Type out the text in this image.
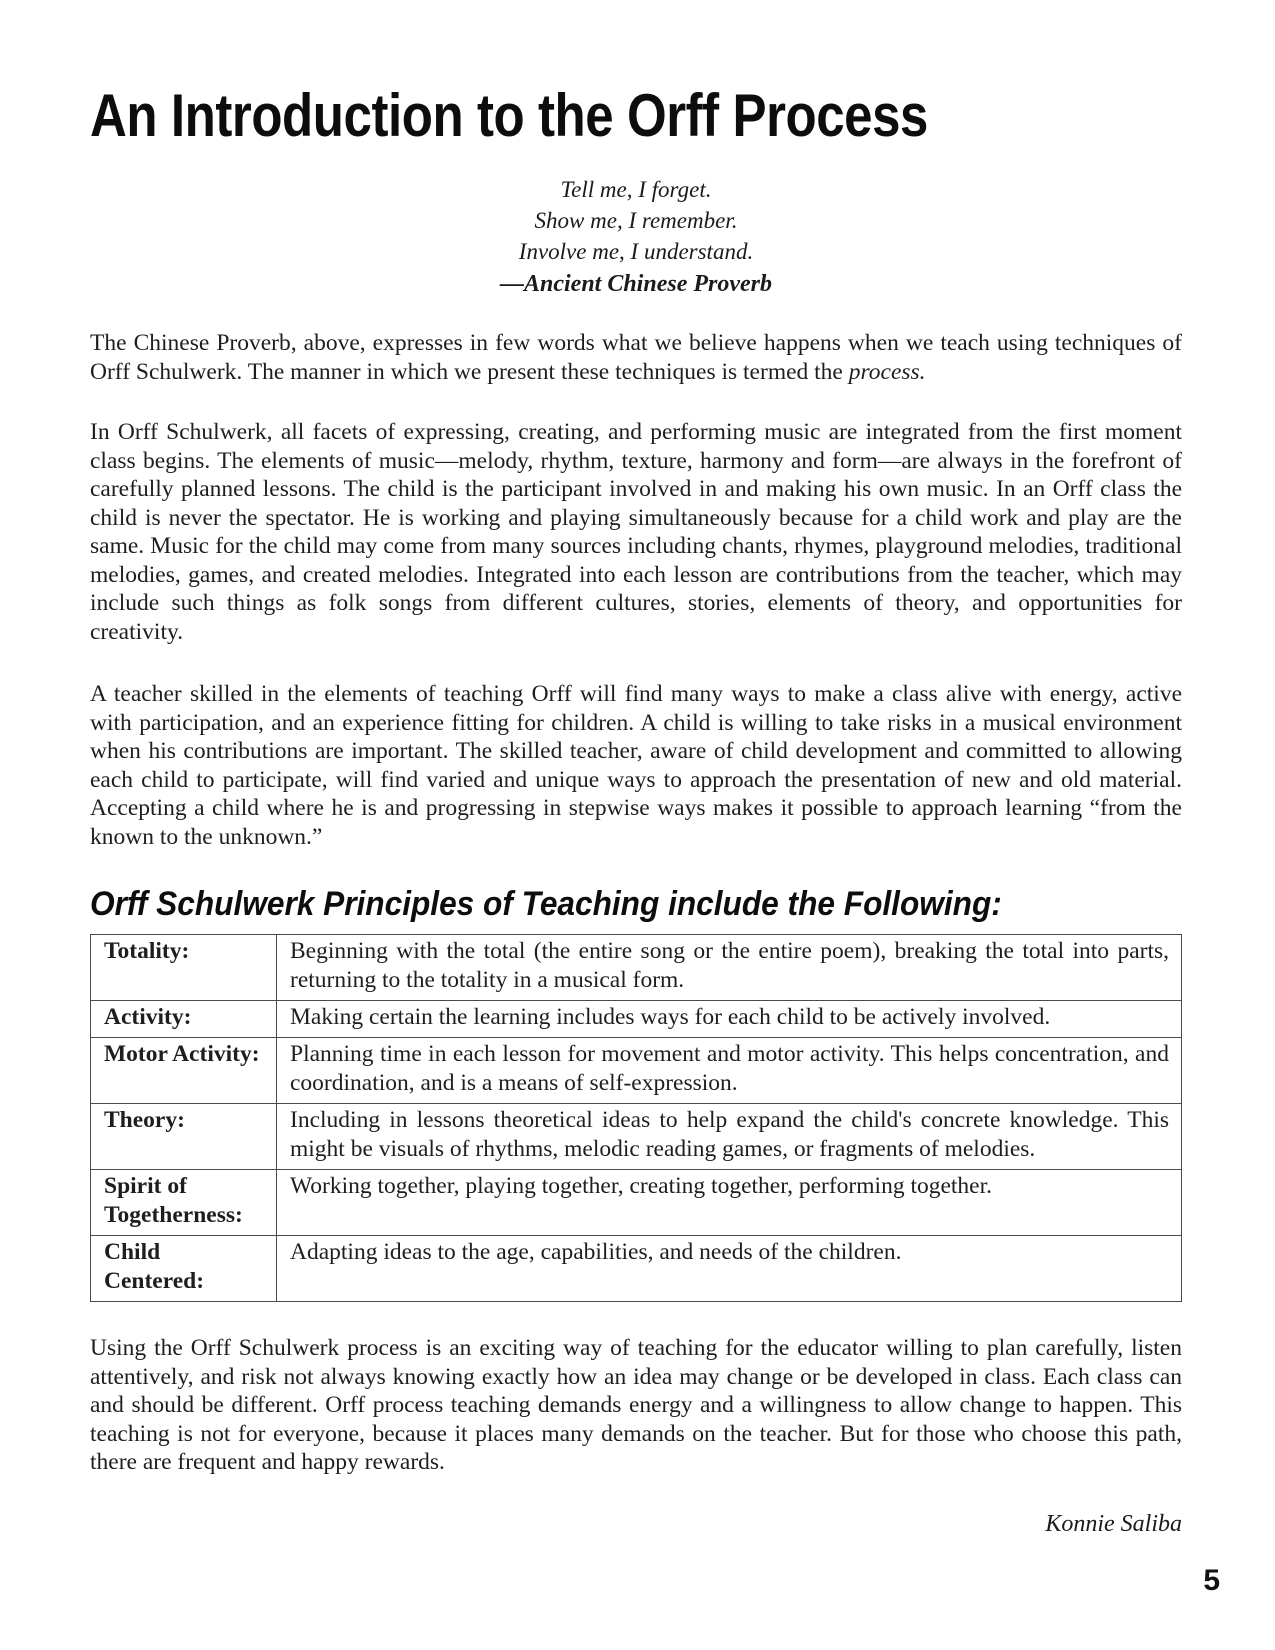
An Introduction to the Orff Process
Tell me, I forget.
Show me, I remember.
Involve me, I understand.
—Ancient Chinese Proverb

The Chinese Proverb, above, expresses in few words what we believe happens when we teach using techniques of Orff Schulwerk. The manner in which we present these techniques is termed the process.

In Orff Schulwerk, all facets of expressing, creating, and performing music are integrated from the first moment class begins. The elements of music—melody, rhythm, texture, harmony and form—are always in the forefront of carefully planned lessons. The child is the participant involved in and making his own music. In an Orff class the child is never the spectator. He is working and playing simultaneously because for a child work and play are the same. Music for the child may come from many sources including chants, rhymes, playground melodies, traditional melodies, games, and created melodies. Integrated into each lesson are contributions from the teacher, which may include such things as folk songs from different cultures, stories, elements of theory, and opportunities for creativity.

A teacher skilled in the elements of teaching Orff will find many ways to make a class alive with energy, active with participation, and an experience fitting for children. A child is willing to take risks in a musical environment when his contributions are important. The skilled teacher, aware of child development and committed to allowing each child to participate, will find varied and unique ways to approach the presentation of new and old material. Accepting a child where he is and progressing in stepwise ways makes it possible to approach learning “from the known to the unknown.”

Orff Schulwerk Principles of Teaching include the Following:
Totality:	Beginning with the total (the entire song or the entire poem), breaking the total into parts, returning to the totality in a musical form.
Activity:	Making certain the learning includes ways for each child to be actively involved.
Motor Activity:	Planning time in each lesson for movement and motor activity. This helps concentration, and coordination, and is a means of self-expression.
Theory:	Including in lessons theoretical ideas to help expand the child's concrete knowledge. This might be visuals of rhythms, melodic reading games, or fragments of melodies.
Spirit of Togetherness:	Working together, playing together, creating together, performing together.
Child Centered:	Adapting ideas to the age, capabilities, and needs of the children.

Using the Orff Schulwerk process is an exciting way of teaching for the educator willing to plan carefully, listen attentively, and risk not always knowing exactly how an idea may change or be developed in class. Each class can and should be different. Orff process teaching demands energy and a willingness to allow change to happen. This teaching is not for everyone, because it places many demands on the teacher. But for those who choose this path, there are frequent and happy rewards.

Konnie Saliba
5
